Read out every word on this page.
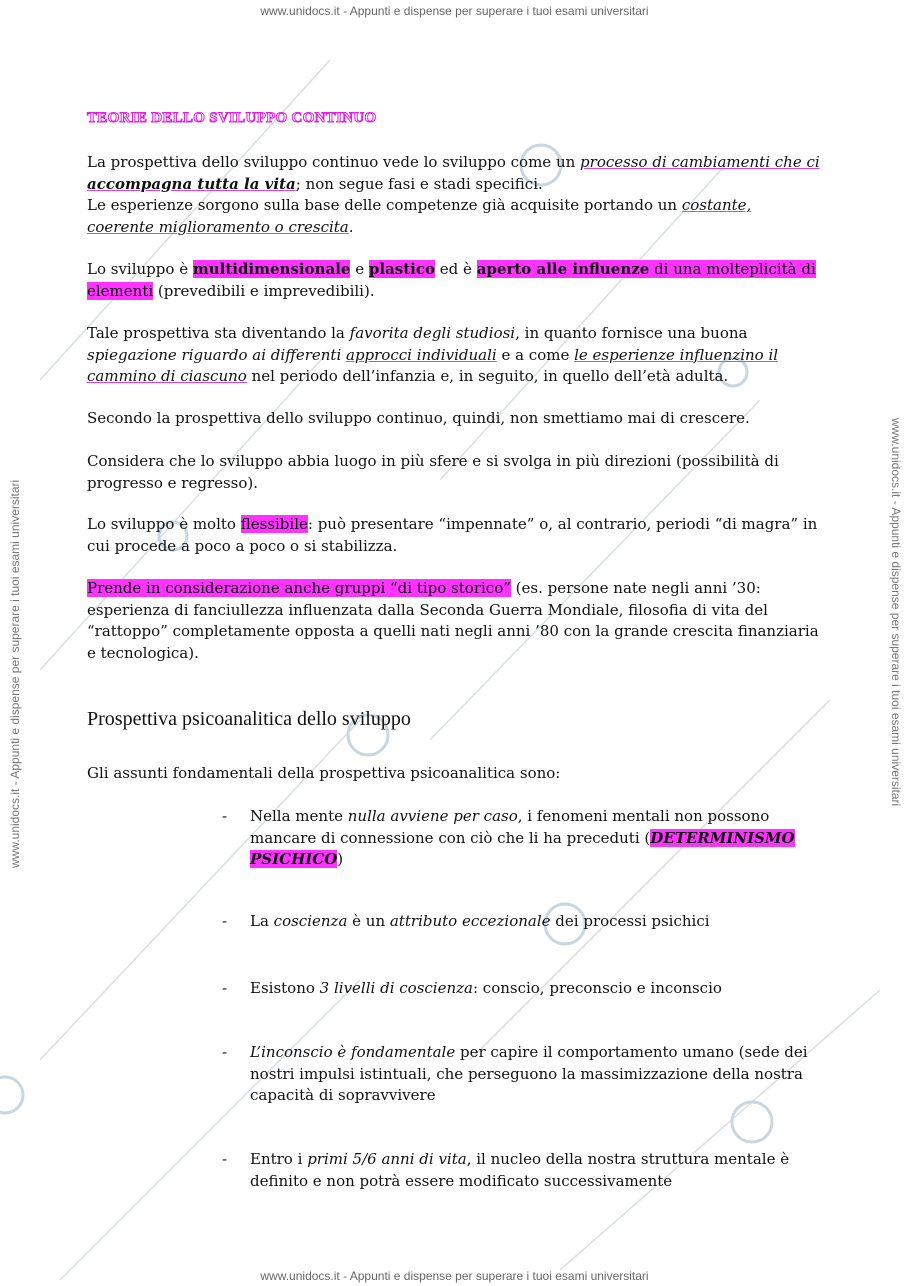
www.unidocs.it - Appunti e dispense per superare i tuoi esami universitari
www.unidocs.it - Appunti e dispense per superare i tuoi esami universitari
www.unidocs.it - Appunti e dispense per superare i tuoi esami universitari	www.unidocs.it - Appunti e dispense per superare i tuoi esami universitari
TEORIE DELLO SVILUPPO CONTINUO

La prospettiva dello sviluppo continuo vede lo sviluppo come un processo di cambiamenti che ci accompagna tutta la vita; non segue fasi e stadi specifici.
Le esperienze sorgono sulla base delle competenze già acquisite portando un costante, coerente miglioramento o crescita.

Lo sviluppo è multidimensionale e plastico ed è aperto alle influenze di una molteplicità di elementi (prevedibili e imprevedibili).

Tale prospettiva sta diventando la favorita degli studiosi, in quanto fornisce una buona spiegazione riguardo ai differenti approcci individuali e a come le esperienze influenzino il cammino di ciascuno nel periodo dell’infanzia e, in seguito, in quello dell’età adulta.

Secondo la prospettiva dello sviluppo continuo, quindi, non smettiamo mai di crescere.

Considera che lo sviluppo abbia luogo in più sfere e si svolga in più direzioni (possibilità di progresso e regresso).

Lo sviluppo è molto flessibile: può presentare “impennate” o, al contrario, periodi “di magra” in cui procede a poco a poco o si stabilizza.

Prende in considerazione anche gruppi “di tipo storico” (es. persone nate negli anni ’30: esperienza di fanciullezza influenzata dalla Seconda Guerra Mondiale, filosofia di vita del “rattoppo” completamente opposta a quelli nati negli anni ’80 con la grande crescita finanziaria e tecnologica).

Prospettiva psicoanalitica dello sviluppo

Gli assunti fondamentali della prospettiva psicoanalitica sono:

- Nella mente nulla avviene per caso, i fenomeni mentali non possono mancare di connessione con ciò che li ha preceduti (DETERMINISMO PSICHICO)
- La coscienza è un attributo eccezionale dei processi psichici
- Esistono 3 livelli di coscienza: conscio, preconscio e inconscio
- L’inconscio è fondamentale per capire il comportamento umano (sede dei nostri impulsi istintuali, che perseguono la massimizzazione della nostra capacità di sopravvivere
- Entro i primi 5/6 anni di vita, il nucleo della nostra struttura mentale è definito e non potrà essere modificato successivamente
